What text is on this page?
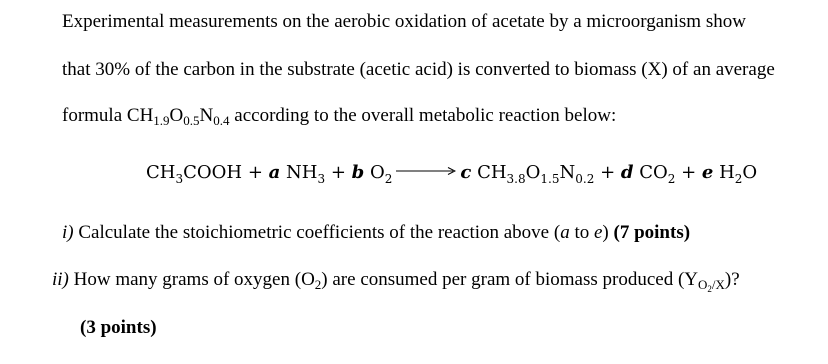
Experimental measurements on the aerobic oxidation of acetate by a microorganism show
that 30% of the carbon in the substrate (acetic acid) is converted to biomass (X) of an average
formula $CH_{1.9}O_{0.5}N_{0.4}$ according to the overall metabolic reaction below:
$CH_3COOH + a$ $NH_3 + b$ $O_2 \to c$ $CH_{3.8}O_{1.5}N_{0.2} + d$ $CO_2 + e$ $H_2O$
i) Calculate the stoichiometric coefficients of the reaction above (a to e) (7 points)
ii) How many grams of oxygen $(O_2)$ are consumed per gram of biomass produced $(Y_{O_2/X})$?
(3 points)
